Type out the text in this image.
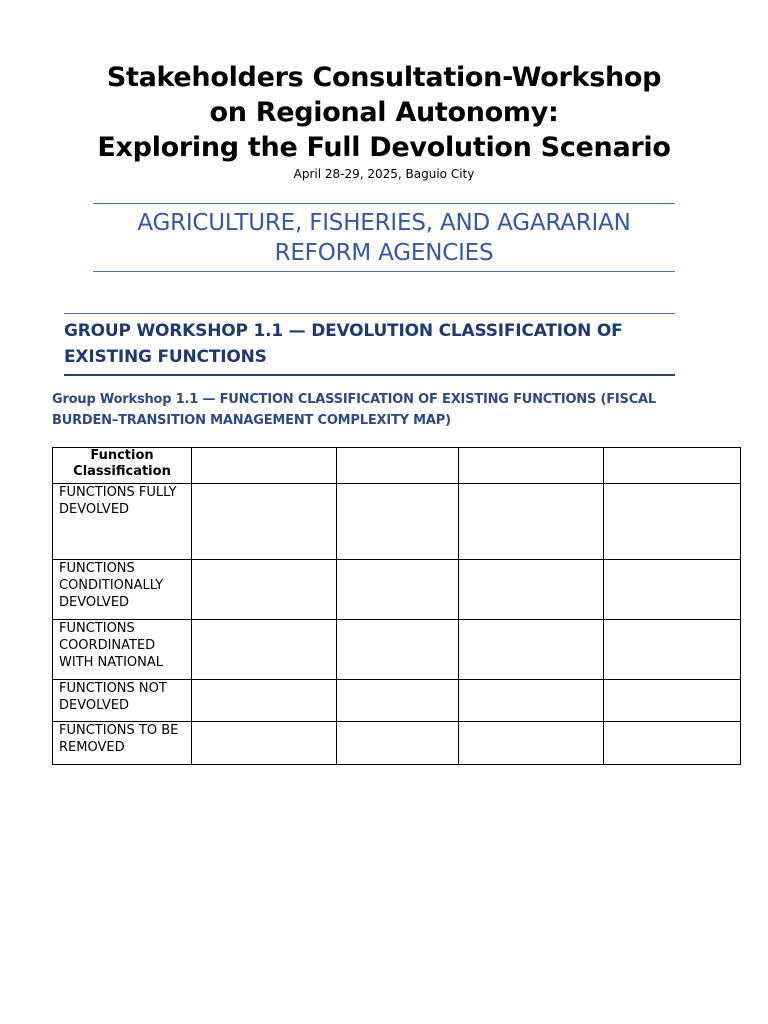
Stakeholders Consultation-Workshop
on Regional Autonomy:
Exploring the Full Devolution Scenario
April 28-29, 2025, Baguio City
AGRICULTURE, FISHERIES, AND AGARARIAN
REFORM AGENCIES
GROUP WORKSHOP 1.1 — DEVOLUTION CLASSIFICATION OF
EXISTING FUNCTIONS
Group Workshop 1.1 — FUNCTION CLASSIFICATION OF EXISTING FUNCTIONS (FISCAL
BURDEN–TRANSITION MANAGEMENT COMPLEXITY MAP)
Function Classification				
FUNCTIONS FULLY DEVOLVED				
FUNCTIONS CONDITIONALLY DEVOLVED				
FUNCTIONS COORDINATED WITH NATIONAL				
FUNCTIONS NOT DEVOLVED				
FUNCTIONS TO BE REMOVED				
